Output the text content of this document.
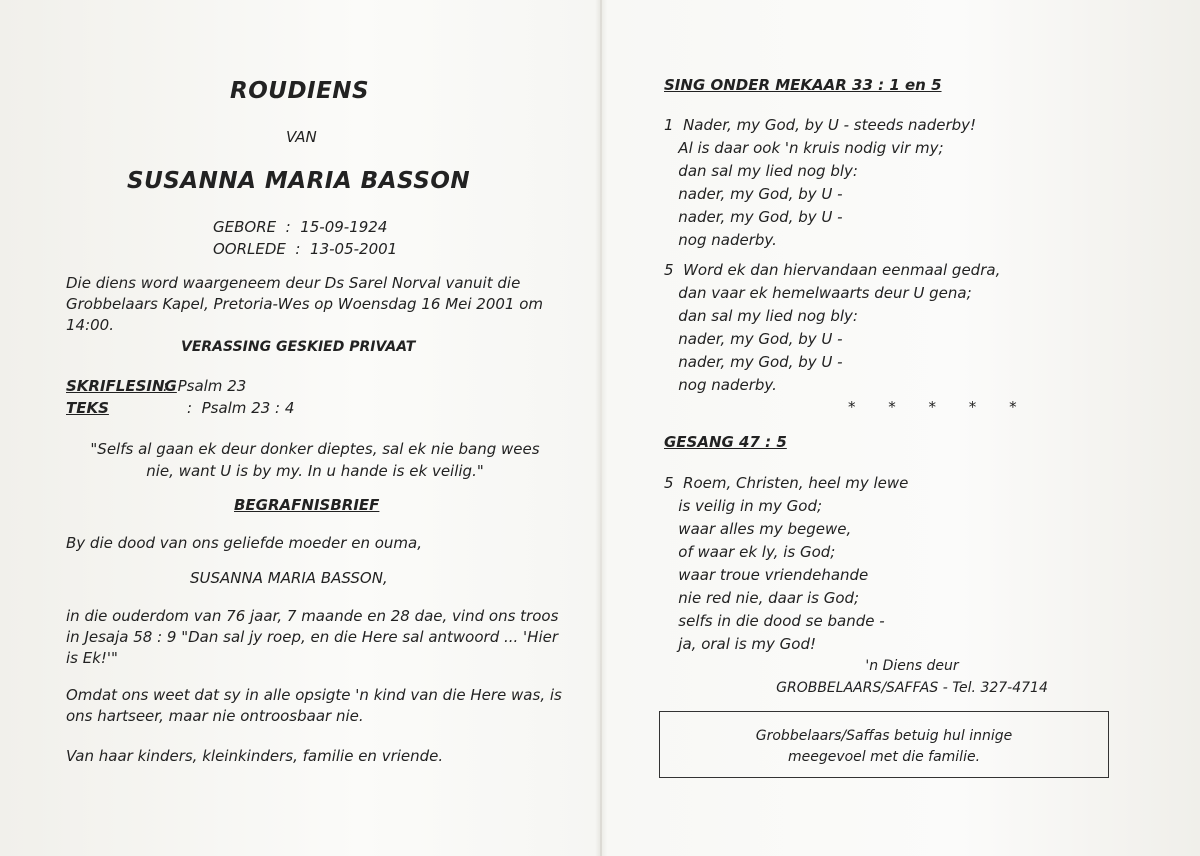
ROUDIENS
VAN
SUSANNA MARIA BASSON
GEBORE  :  15-09-1924
OORLEDE  :  13-05-2001
Die diens word waargeneem deur Ds Sarel Norval vanuit die Grobbelaars Kapel, Pretoria-Wes op Woensdag 16 Mei 2001 om 14:00.
VERASSING GESKIED PRIVAAT
SKRIFLESING
:  Psalm 23
TEKS	:  Psalm 23 : 4
"Selfs al gaan ek deur donker dieptes, sal ek nie bang wees nie, want U is by my. In u hande is ek veilig."
BEGRAFNISBRIEF
By die dood van ons geliefde moeder en ouma,
SUSANNA MARIA BASSON,
in die ouderdom van 76 jaar, 7 maande en 28 dae, vind ons troos in Jesaja 58 : 9 "Dan sal jy roep, en die Here sal antwoord ... 'Hier is Ek!'"
Omdat ons weet dat sy in alle opsigte 'n kind van die Here was, is ons hartseer, maar nie ontroosbaar nie.
Van haar kinders, kleinkinders, familie en vriende.
SING ONDER MEKAAR 33 : 1 en 5
1  Nader, my God, by U - steeds naderby!
Al is daar ook 'n kruis nodig vir my;
dan sal my lied nog bly:
nader, my God, by U -
nader, my God, by U -
nog naderby.
5  Word ek dan hiervandaan eenmaal gedra,
dan vaar ek hemelwaarts deur U gena;
dan sal my lied nog bly:
nader, my God, by U -
nader, my God, by U -
nog naderby.
* * * * *
GESANG 47 : 5
5  Roem, Christen, heel my lewe
is veilig in my God;
waar alles my begewe,
of waar ek ly, is God;
waar troue vriendehande
nie red nie, daar is God;
selfs in die dood se bande -
ja, oral is my God!
'n Diens deur
GROBBELAARS/SAFFAS - Tel. 327-4714
Grobbelaars/Saffas betuig hul innige
meegevoel met die familie.
